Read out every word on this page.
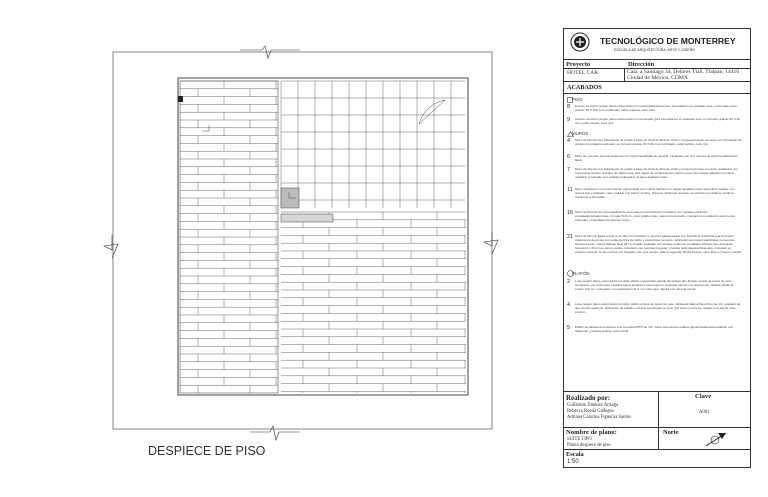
DESPIECE DE PISO
TECNOLÓGICO DE MONTERREY
ESCUELA DE ARQUITECTURA, ARTE Y DISEÑO
Proyecto	Dirección
HOTEL CAR	Calz. a Santiago 34, Delores Tlali, Tlalpan, 14410 Ciudad de México, CDMX
ACABADOS
PISO
8 losa de concreto (según plano estructural) con terminado/pavimentos. Intercalar/no en acabado losa, en formato entre grande 30 X 150 cms rectificado, estilo madera, color café
9 losa de concreto (según plano estructural) con terminado gres intercalar/no en acabado losa, en formato grande 60 X 60 cms, estilo piedra, color gris
MUROS
4 Muro de Durock con tratamiento de juntas a base de cinta de fibra de vidrio y compuesto base cemento con terminado de azulejo intercalar/no aplicado, en formato grande 30 X 60 cms rectificado, estilo ladrillo, color gris
6 Muro de concreto armado aparente con impermeabilidad de integral y acabado con sus marcas de impermeabilización lijado
7 Muro de Durock con tratamiento de juntas a base de cinta de fibra de vidrio y compuesto base cemento, acabados con imprimante acrílico primario de adherencia, dos capas de recubrimiento marca comex Tecnocasa aplicado con llana metálica, terminado con sellador poliuretano al agua acabado mate
11 Muro recubierto con recubrimiento pigmentado tono marfil, aplicado en capas delgadas sobre superficie tratada, con textura lisa y acabado mate, sellado con barniz acrílico. Sistema multicapa de base cementicia con aditivos acrílicos, resistente a humedad
16 Muro de Durock con permeabilizante cementoso (incorporando recubierto con mosaico cerámico, esmaltado/vidriado/mate, formato 5x5 cm, color grafito mate, marca Interceramic, colocado con adhesivo para zonas húmedas y boquilla/junta epóxica negro
21 Muro de Durock lijado a este se le dan con camellos y muretes galvanizados con Semiflexil resistente a la corrosión, tratamiento de juntas con malla de fibra de vidrio y pasta base cemento. Aplicación de impermeabilizante cementoso bicomponente, marca DiaCap Seal 207 a semilar. Acabado con azulejo cerámico esmaltado brillante tipo artesanal, formato 8 x 20 cm en tonos verdes colocados con texturas irregular y bordes redondeados/biselados, colocado en posición vertical. Junta mínima con boquilla color gris oscuro. Marca sugerida: DIGM Design, serie Boyce Green o similar
PLAFÓN
2 Losa (según plano estructural) con falso plafón suspendido parcial decorativo tipo flotado a base de panel de yeso compuesto por estructura metálica ligera anclada a losa superior, acabado interior con listones de madera sólida de encino 3x2 cm, colocados con separación de 3 cm entre ejes. Sjedra con almena incolor
4 Losa (según plano estructural) con falso plafón a base de panel de yeso, tablaroca Marca Panel Rey de 1/2, acabado de tipo corrido aparente. Aplicación de sellador mineral texturizado en tono gris claro (concreto), sellado con barniz mate incoloro
5 Plafón de tablaroca resistente a la humedad (RH) de 1/2" sobre estructura metálica galvanizada/sistema/tablón con Stateman y pintura vinílica, color marfil
Realizado por:
Guillermo Jiménez Arriaga
Rebecca Rueda Gallegos
Adriana Carolina Figueroa Santos
Clave
A001
Nombre de plano:
SUITE TIPO
Planta despiece de piso
Norte
Escala
1:50
